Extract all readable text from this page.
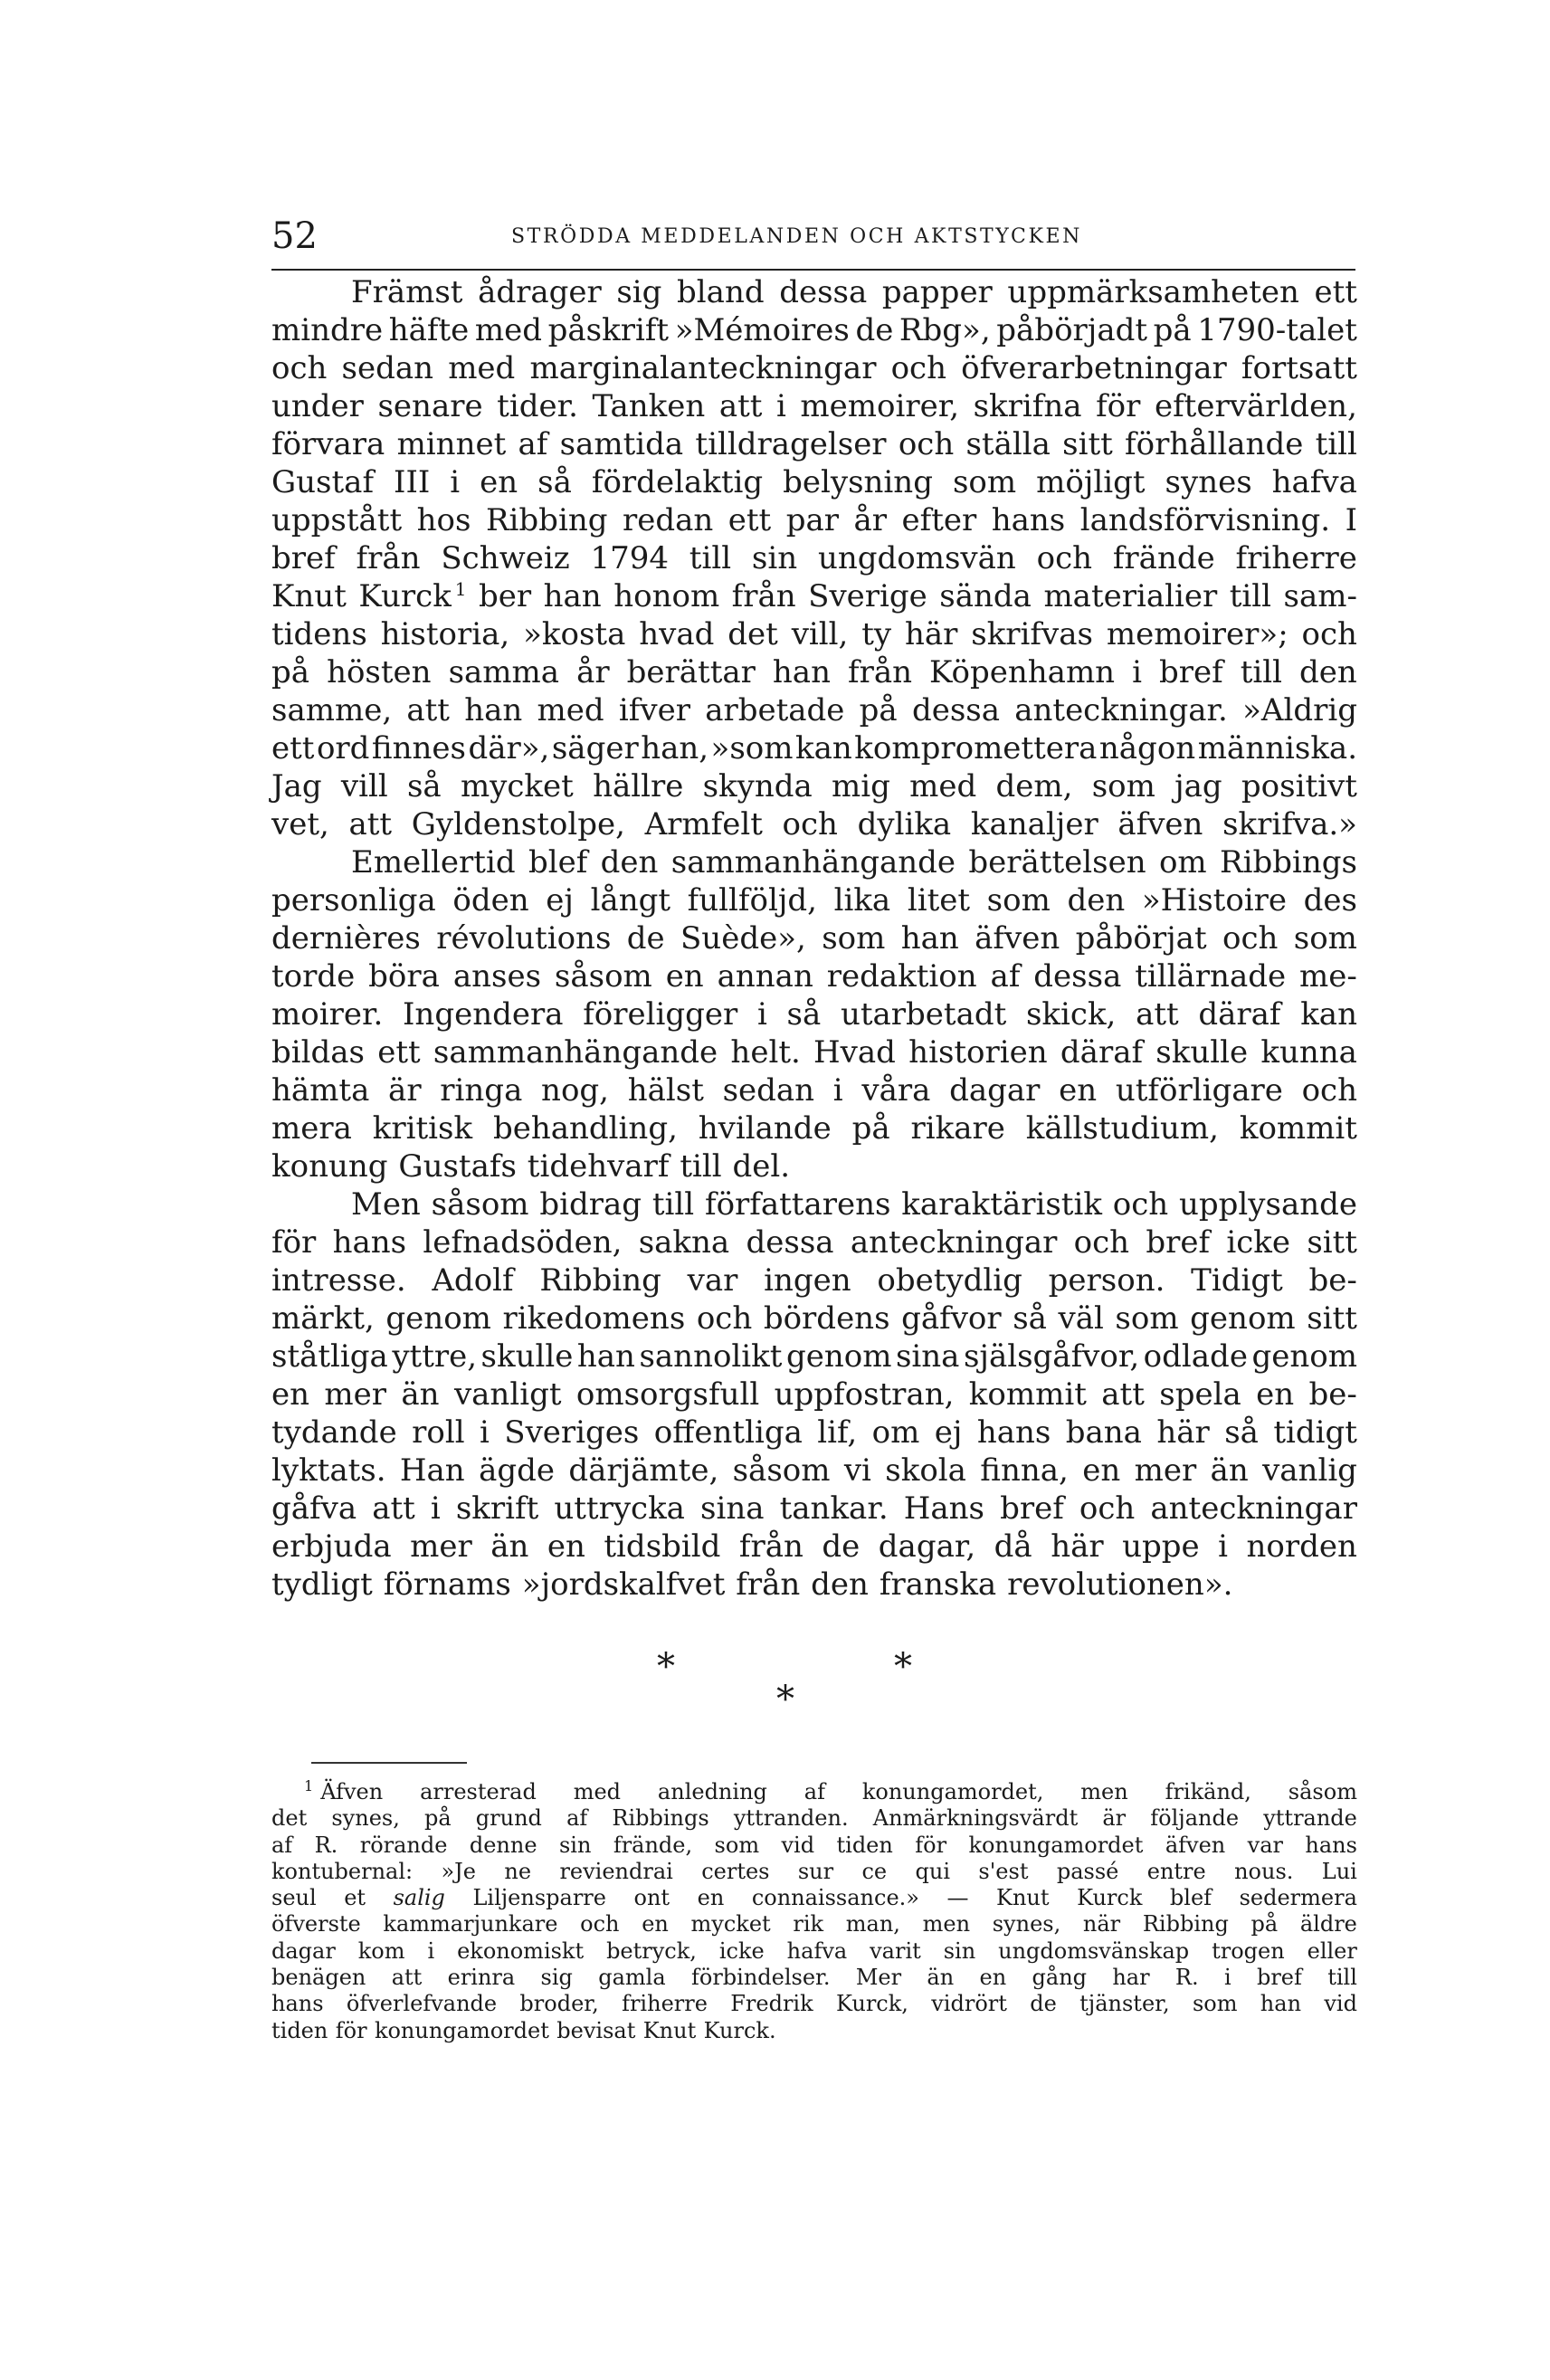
52	STRÖDDA MEDDELANDEN OCH AKTSTYCKEN
Främst ådrager sig bland dessa papper uppmärksamheten ett
mindre häfte med påskrift »Mémoires de Rbg», påbörjadt på 1790-talet
och sedan med marginalanteckningar och öfverarbetningar fortsatt
under senare tider. Tanken att i memoirer, skrifna för eftervärlden,
förvara minnet af samtida tilldragelser och ställa sitt förhållande till
Gustaf III i en så fördelaktig belysning som möjligt synes hafva
uppstått hos Ribbing redan ett par år efter hans landsförvisning. I
bref från Schweiz 1794 till sin ungdomsvän och frände friherre
Knut Kurck $^1$ ber han honom från Sverige sända materialier till sam-
tidens historia, »kosta hvad det vill, ty här skrifvas memoirer»; och
på hösten samma år berättar han från Köpenhamn i bref till den
samme, att han med ifver arbetade på dessa anteckningar. »Aldrig
ett ord finnes där», säger han, »som kan komprometterа någon människa.
Jag vill så mycket hällre skynda mig med dem, som jag positivt
vet, att Gyldenstolpe, Armfelt och dylika kanaljer äfven skrifva.»
Emellertid blef den sammanhängande berättelsen om Ribbings
personliga öden ej långt fullföljd, lika litet som den »Histoire des
dernières révolutions de Suède», som han äfven påbörjat och som
torde böra anses såsom en annan redaktion af dessa tillärnade me-
moirer. Ingendera föreligger i så utarbetadt skick, att däraf kan
bildas ett sammanhängande helt. Hvad historien däraf skulle kunna
hämta är ringa nog, hälst sedan i våra dagar en utförligare och
mera kritisk behandling, hvilande på rikare källstudium, kommit
konung Gustafs tidehvarf till del.
Men såsom bidrag till författarens karaktäristik och upplysande
för hans lefnadsöden, sakna dessa anteckningar och bref icke sitt
intresse. Adolf Ribbing var ingen obetydlig person. Tidigt be-
märkt, genom rikedomens och bördens gåfvor så väl som genom sitt
ståtliga yttre, skulle han sannolikt genom sina själsgåfvor, odlade genom
en mer än vanligt omsorgsfull uppfostran, kommit att spela en be-
tydande roll i Sveriges offentliga lif, om ej hans bana här så tidigt
lyktats. Han ägde därjämte, såsom vi skola finna, en mer än vanlig
gåfva att i skrift uttrycka sina tankar. Hans bref och anteckningar
erbjuda mer än en tidsbild från de dagar, då här uppe i norden
tydligt förnams »jordskalfvet från den franska revolutionen».
*
*
*
$^1$ Äfven arresterad med anledning af konungamordet, men frikänd, såsom
det synes, på grund af Ribbings yttranden. Anmärkningsvärdt är följande yttrande
af R. rörande denne sin frände, som vid tiden för konungamordet äfven var hans
kontubernal: »Je ne reviendrai certes sur ce qui s'est passé entre nous. Lui
seul et salig Liljensparre ont en connaissance.» — Knut Kurck blef sedermera
öfverste kammarjunkare och en mycket rik man, men synes, när Ribbing på äldre
dagar kom i ekonomiskt betryck, icke hafva varit sin ungdomsvänskap trogen eller
benägen att erinra sig gamla förbindelser. Mer än en gång har R. i bref till
hans öfverlefvande broder, friherre Fredrik Kurck, vidrört de tjänster, som han vid
tiden för konungamordet bevisat Knut Kurck.
